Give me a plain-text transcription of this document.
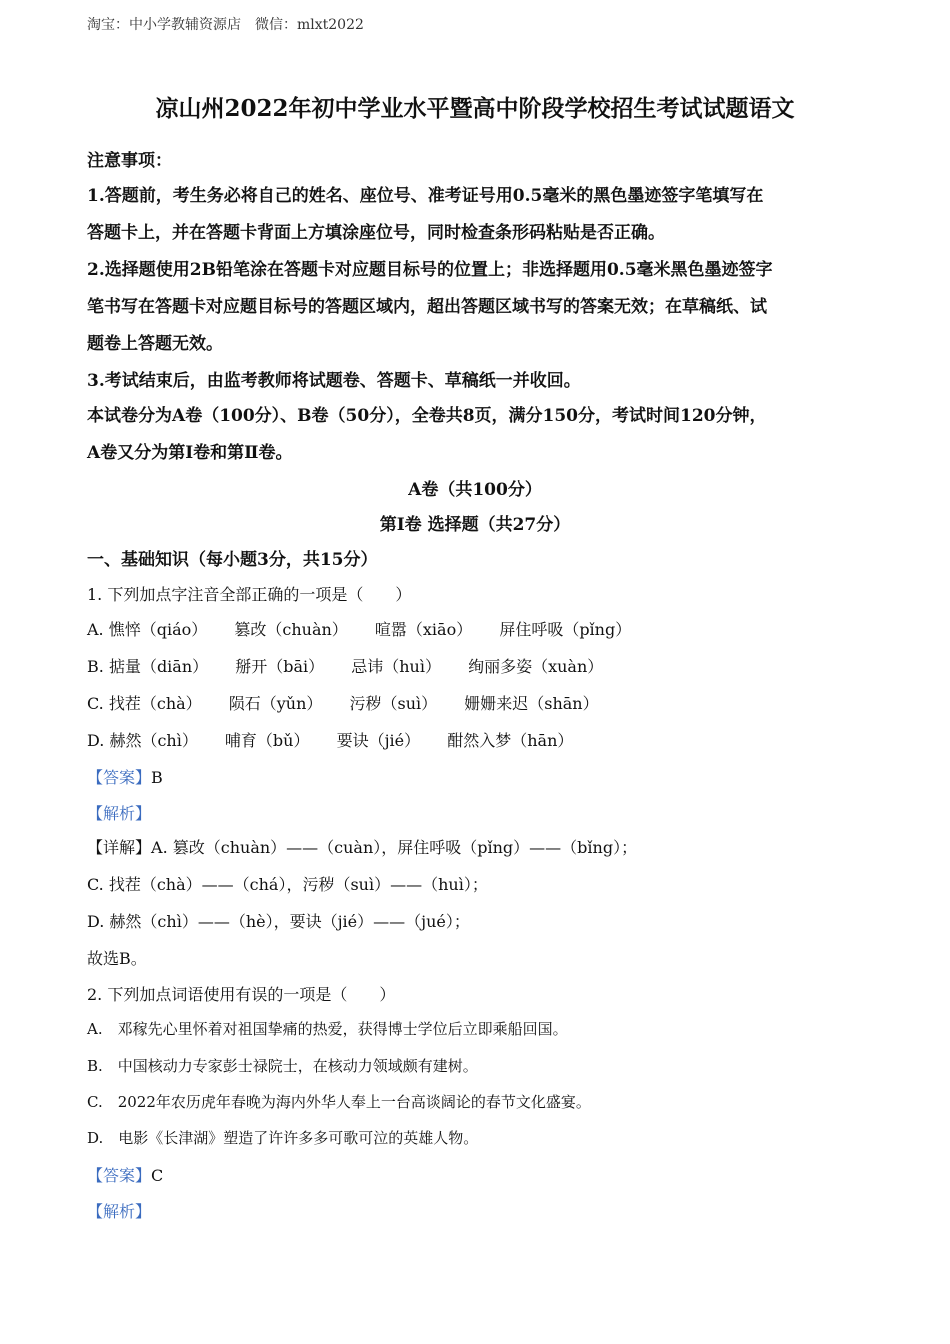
淘宝：中小学教辅资源店　微信：mlxt2022
凉山州2022年初中学业水平暨高中阶段学校招生考试试题语文
注意事项：
1.答题前，考生务必将自己的姓名、座位号、准考证号用0.5毫米的黑色墨迹签字笔填写在
答题卡上，并在答题卡背面上方填涂座位号，同时检查条形码粘贴是否正确。
2.选择题使用2B铅笔涂在答题卡对应题目标号的位置上；非选择题用0.5毫米黑色墨迹签字
笔书写在答题卡对应题目标号的答题区域内，超出答题区域书写的答案无效；在草稿纸、试
题卷上答题无效。
3.考试结束后，由监考教师将试题卷、答题卡、草稿纸一并收回。
本试卷分为A卷（100分）、B卷（50分），全卷共8页，满分150分，考试时间120分钟，
A卷又分为第Ⅰ卷和第Ⅱ卷。
A卷（共100分）
第Ⅰ卷 选择题（共27分）
一、基础知识（每小题3分，共15分）
1. 下列加点字注音全部正确的一项是（　　）
A. 憔悴（qiáo） 篡改（chuàn） 喧嚣（xiāo） 屏住呼吸（pǐng）
B. 掂量（diān） 掰开（bāi） 忌讳（huì） 绚丽多姿（xuàn）
C. 找茬（chà） 陨石（yǔn） 污秽（suì） 姗姗来迟（shān）
D. 赫然（chì） 哺育（bǔ） 要诀（jié） 酣然入梦（hān）
【答案】B
【解析】
【详解】A. 篡改（chuàn）——（cuàn），屏住呼吸（pǐng）——（bǐng）；
C. 找茬（chà）——（chá），污秽（suì）——（huì）；
D. 赫然（chì）——（hè），要诀（jié）——（jué）；
故选B。
2. 下列加点词语使用有误的一项是（　　）
A.　邓稼先心里怀着对祖国挚痛的热爱，获得博士学位后立即乘船回国。
B.　中国核动力专家彭士禄院士，在核动力领域颇有建树。
C.　2022年农历虎年春晚为海内外华人奉上一台高谈阔论的春节文化盛宴。
D.　电影《长津湖》塑造了许许多多可歌可泣的英雄人物。
【答案】C
【解析】
